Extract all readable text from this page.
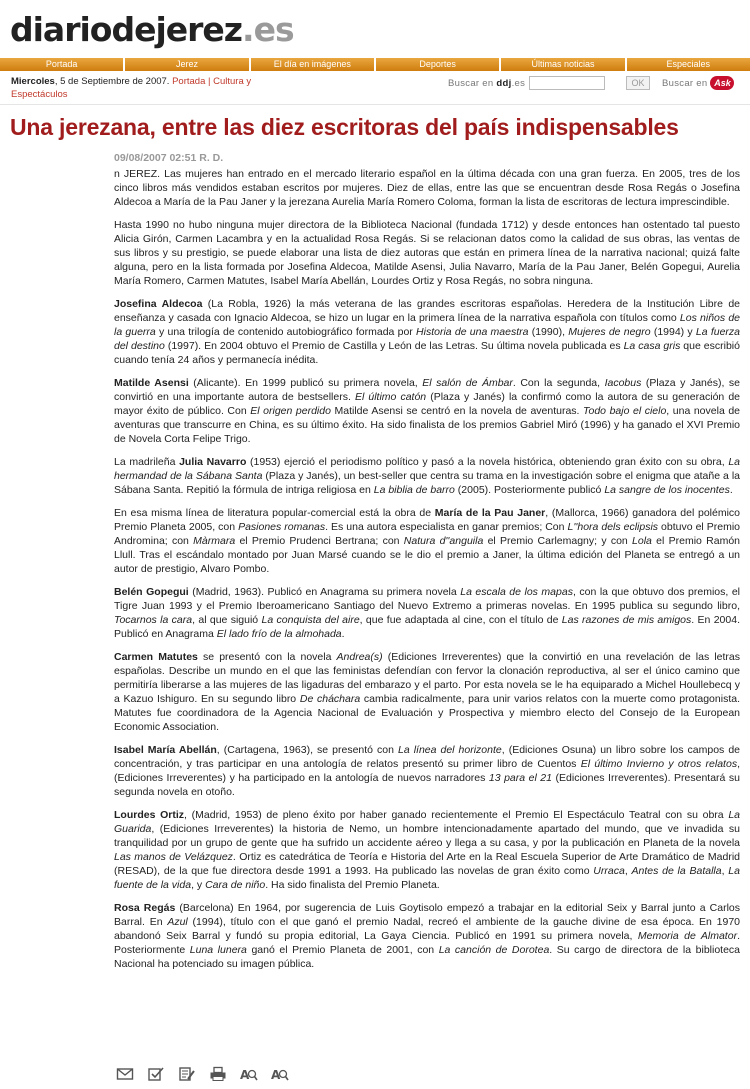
diariodejerez.es
Portada	Jerez	El día en imágenes	Deportes	Últimas noticias	Especiales
Miercoles, 5 de Septiembre de 2007. Portada | Cultura y Espectáculos
Buscar en ddj.es	OK	Buscar en Ask
Una jerezana, entre las diez escritoras del país indispensables

09/08/2007 02:51 R. D.

n JEREZ. Las mujeres han entrado en el mercado literario español en la última década con una gran fuerza. En 2005, tres de los cinco libros más vendidos estaban escritos por mujeres. Diez de ellas, entre las que se encuentran desde Rosa Regás o Josefina Aldecoa a María de la Pau Janer y la jerezana Aurelia María Romero Coloma, forman la lista de escritoras de lectura imprescindible.

Hasta 1990 no hubo ninguna mujer directora de la Biblioteca Nacional (fundada 1712) y desde entonces han ostentado tal puesto Alicia Girón, Carmen Lacambra y en la actualidad Rosa Regás. Si se relacionan datos como la calidad de sus obras, las ventas de sus libros y su prestigio, se puede elaborar una lista de diez autoras que están en primera línea de la narrativa nacional; quizá falte alguna, pero en la lista formada por Josefina Aldecoa, Matilde Asensi, Julia Navarro, María de la Pau Janer, Belén Gopegui, Aurelia María Romero, Carmen Matutes, Isabel María Abellán, Lourdes Ortiz y Rosa Regás, no sobra ninguna.

Josefina Aldecoa (La Robla, 1926) la más veterana de las grandes escritoras españolas. Heredera de la Institución Libre de enseñanza y casada con Ignacio Aldecoa, se hizo un lugar en la primera línea de la narrativa española con títulos como Los niños de la guerra y una trilogía de contenido autobiográfico formada por Historia de una maestra (1990), Mujeres de negro (1994) y La fuerza del destino (1997). En 2004 obtuvo el Premio de Castilla y León de las Letras. Su última novela publicada es La casa gris que escribió cuando tenía 24 años y permanecía inédita.

Matilde Asensi (Alicante). En 1999 publicó su primera novela, El salón de Ámbar. Con la segunda, Iacobus (Plaza y Janés), se convirtió en una importante autora de bestsellers. El último catón (Plaza y Janés) la confirmó como la autora de su generación de mayor éxito de público. Con El origen perdido Matilde Asensi se centró en la novela de aventuras. Todo bajo el cielo, una novela de aventuras que transcurre en China, es su último éxito. Ha sido finalista de los premios Gabriel Miró (1996) y ha ganado el XVI Premio de Novela Corta Felipe Trigo.

La madrileña Julia Navarro (1953) ejerció el periodismo político y pasó a la novela histórica, obteniendo gran éxito con su obra, La hermandad de la Sábana Santa (Plaza y Janés), un best-seller que centra su trama en la investigación sobre el enigma que atañe a la Sábana Santa. Repitió la fórmula de intriga religiosa en La biblia de barro (2005). Posteriormente publicó La sangre de los inocentes.

En esa misma línea de literatura popular-comercial está la obra de María de la Pau Janer, (Mallorca, 1966) ganadora del polémico Premio Planeta 2005, con Pasiones romanas. Es una autora especialista en ganar premios; Con L''hora dels eclipsis obtuvo el Premio Andromina; con Màrmara el Premio Prudenci Bertrana; con Natura d''anguila el Premio Carlemagny; y con Lola el Premio Ramón Llull. Tras el escándalo montado por Juan Marsé cuando se le dio el premio a Janer, la última edición del Planeta se entregó a un autor de prestigio, Alvaro Pombo.

Belén Gopegui (Madrid, 1963). Publicó en Anagrama su primera novela La escala de los mapas, con la que obtuvo dos premios, el Tigre Juan 1993 y el Premio Iberoamericano Santiago del Nuevo Extremo a primeras novelas. En 1995 publica su segundo libro, Tocarnos la cara, al que siguió La conquista del aire, que fue adaptada al cine, con el título de Las razones de mis amigos. En 2004. Publicó en Anagrama El lado frío de la almohada.

Carmen Matutes se presentó con la novela Andrea(s) (Ediciones Irreverentes) que la convirtió en una revelación de las letras españolas. Describe un mundo en el que las feministas defendían con fervor la clonación reproductiva, al ser el único camino que permitiría liberarse a las mujeres de las ligaduras del embarazo y el parto. Por esta novela se le ha equiparado a Michel Houllebecq y a Kazuo Ishiguro. En su segundo libro De cháchara cambia radicalmente, para unir varios relatos con la muerte como protagonista. Matutes fue coordinadora de la Agencia Nacional de Evaluación y Prospectiva y miembro electo del Consejo de la European Economic Association.

Isabel María Abellán, (Cartagena, 1963), se presentó con La línea del horizonte, (Ediciones Osuna) un libro sobre los campos de concentración, y tras participar en una antología de relatos presentó su primer libro de Cuentos El último Invierno y otros relatos, (Ediciones Irreverentes) y ha participado en la antología de nuevos narradores 13 para el 21 (Ediciones Irreverentes). Presentará su segunda novela en otoño.

Lourdes Ortiz, (Madrid, 1953) de pleno éxito por haber ganado recientemente el Premio El Espectáculo Teatral con su obra La Guarida, (Ediciones Irreverentes) la historia de Nemo, un hombre intencionadamente apartado del mundo, que ve invadida su tranquilidad por un grupo de gente que ha sufrido un accidente aéreo y llega a su casa, y por la publicación en Planeta de la novela Las manos de Velázquez. Ortiz es catedrática de Teoría e Historia del Arte en la Real Escuela Superior de Arte Dramático de Madrid (RESAD), de la que fue directora desde 1991 a 1993. Ha publicado las novelas de gran éxito como Urraca, Antes de la Batalla, La fuente de la vida, y Cara de niño. Ha sido finalista del Premio Planeta.

Rosa Regás (Barcelona) En 1964, por sugerencia de Luis Goytisolo empezó a trabajar en la editorial Seix y Barral junto a Carlos Barral. En Azul (1994), título con el que ganó el premio Nadal, recreó el ambiente de la gauche divine de esa época. En 1970 abandonó Seix Barral y fundó su propia editorial, La Gaya Ciencia. Publicó en 1991 su primera novela, Memoria de Almator. Posteriormente Luna lunera ganó el Premio Planeta de 2001, con La canción de Dorotea. Su cargo de directora de la biblioteca Nacional ha potenciado su imagen pública.

A A
